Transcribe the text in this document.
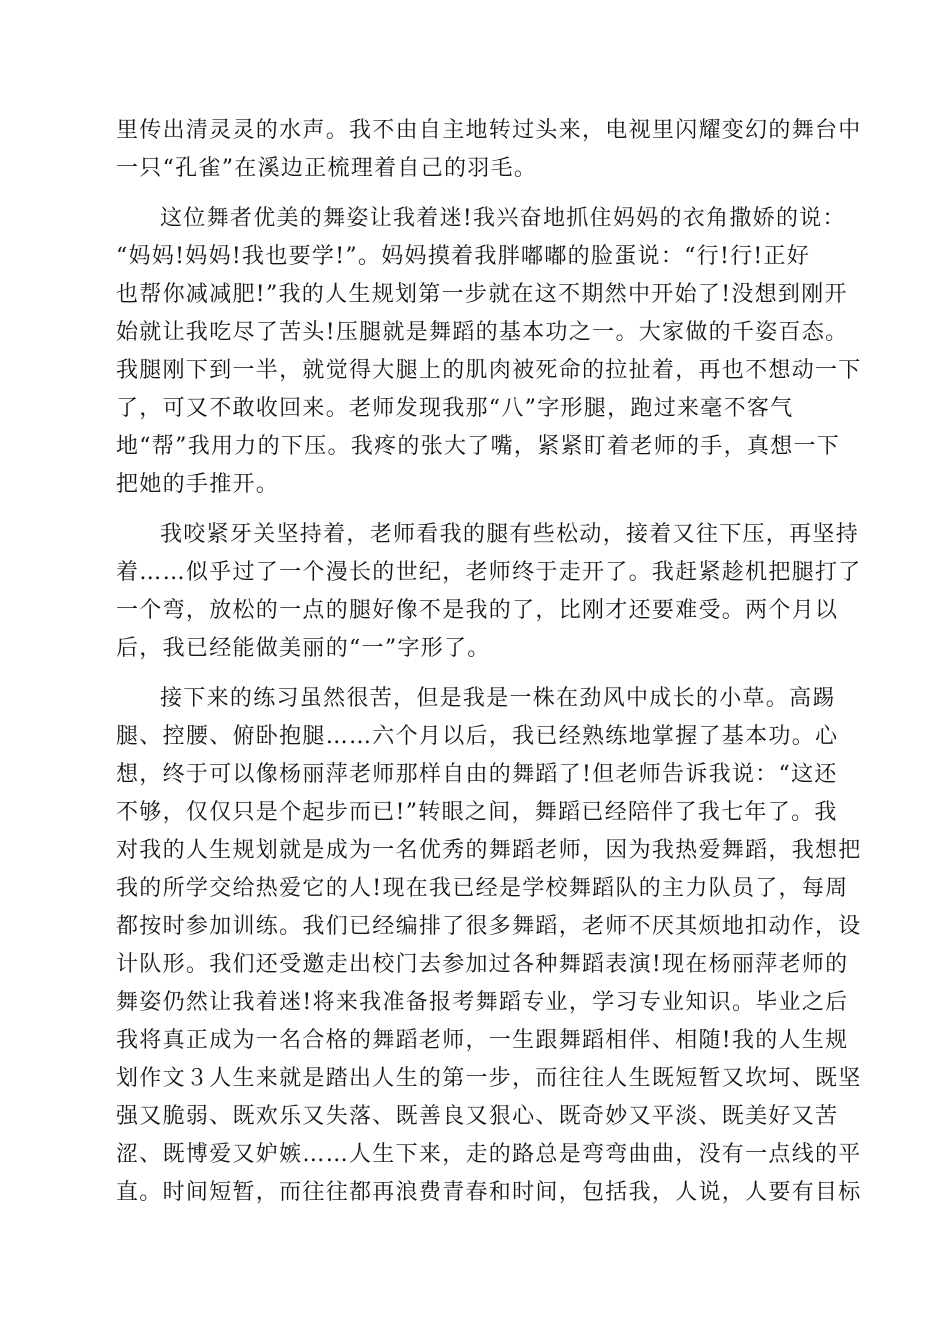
里传出清灵灵的水声。我不由自主地转过头来，电视里闪耀变幻的舞台中
一只“孔雀”在溪边正梳理着自己的羽毛。
这位舞者优美的舞姿让我着迷!我兴奋地抓住妈妈的衣角撒娇的说：
“妈妈!妈妈!我也要学!”。妈妈摸着我胖嘟嘟的脸蛋说：“行!行!正好
也帮你减减肥!”我的人生规划第一步就在这不期然中开始了!没想到刚开
始就让我吃尽了苦头!压腿就是舞蹈的基本功之一。大家做的千姿百态。
我腿刚下到一半，就觉得大腿上的肌肉被死命的拉扯着，再也不想动一下
了，可又不敢收回来。老师发现我那“八”字形腿，跑过来毫不客气
地“帮”我用力的下压。我疼的张大了嘴，紧紧盯着老师的手，真想一下
把她的手推开。
我咬紧牙关坚持着，老师看我的腿有些松动，接着又往下压，再坚持
着……似乎过了一个漫长的世纪，老师终于走开了。我赶紧趁机把腿打了
一个弯，放松的一点的腿好像不是我的了，比刚才还要难受。两个月以
后，我已经能做美丽的“一”字形了。
接下来的练习虽然很苦，但是我是一株在劲风中成长的小草。高踢
腿、控腰、俯卧抱腿……六个月以后，我已经熟练地掌握了基本功。心
想，终于可以像杨丽萍老师那样自由的舞蹈了!但老师告诉我说：“这还
不够，仅仅只是个起步而已!”转眼之间，舞蹈已经陪伴了我七年了。我
对我的人生规划就是成为一名优秀的舞蹈老师，因为我热爱舞蹈，我想把
我的所学交给热爱它的人!现在我已经是学校舞蹈队的主力队员了，每周
都按时参加训练。我们已经编排了很多舞蹈，老师不厌其烦地扣动作，设
计队形。我们还受邀走出校门去参加过各种舞蹈表演!现在杨丽萍老师的
舞姿仍然让我着迷!将来我准备报考舞蹈专业，学习专业知识。毕业之后
我将真正成为一名合格的舞蹈老师，一生跟舞蹈相伴、相随!我的人生规
划作文３人生来就是踏出人生的第一步，而往往人生既短暂又坎坷、既坚
强又脆弱、既欢乐又失落、既善良又狠心、既奇妙又平淡、既美好又苦
涩、既博爱又妒嫉……人生下来，走的路总是弯弯曲曲，没有一点线的平
直。时间短暂，而往往都再浪费青春和时间，包括我，人说，人要有目标
